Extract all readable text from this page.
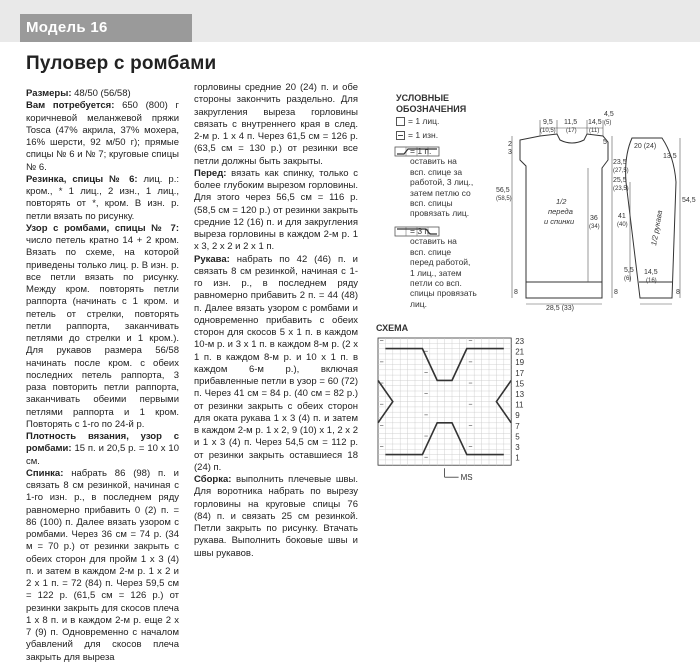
Модель 16
Пуловер с ромбами
Размеры: 48/50 (56/58)
Вам потребуется: 650 (800) г коричневой меланжевой пряжи Tosca (47% акрила, 37% мохера, 16% шерсти, 92 м/50 г); прямые спицы № 6 и № 7; круговые спицы № 6.
Резинка, спицы № 6: лиц. р.: кром., * 1 лиц., 2 изн., 1 лиц., повторять от *, кром. В изн. р. петли вязать по рисунку.
Узор с ромбами, спицы № 7: число петель кратно 14 + 2 кром. Вязать по схеме, на которой приведены только лиц. р. В изн. р. все петли вязать по рисунку. Между кром. повторять петли раппорта (начинать с 1 кром. и петель от стрелки, повторять петли раппорта, заканчивать петлями до стрелки и 1 кром.). Для рукавов размера 56/58 начинать после кром. с обеих последних петель раппорта, 3 раза повторить петли раппорта, заканчивать обеими первыми петлями раппорта и 1 кром. Повторять с 1-го по 24-й р.
Плотность вязания, узор с ромбами: 15 п. и 20,5 р. = 10 х 10 см.
Спинка: набрать 86 (98) п. и связать 8 см резинкой, начиная с 1-го изн. р., в последнем ряду равномерно прибавить 0 (2) п. = 86 (100) п. Далее вязать узором с ромбами. Через 36 см = 74 р. (34 м = 70 р.) от резинки закрыть с обеих сторон для пройм 1 х 3 (4) п. и затем в каждом 2-м р. 1 х 2 и 2 х 1 п. = 72 (84) п. Через 59,5 см = 122 р. (61,5 см = 126 р.) от резинки закрыть для скосов плеча 1 х 8 п. и в каждом 2-м р. еще 2 х 7 (9) п. Одновременно с началом убавлений для скосов плеча закрыть для выреза
горловины средние 20 (24) п. и обе стороны закончить раздельно. Для закругления выреза горловины связать с внутреннего края в след. 2-м р. 1 х 4 п. Через 61,5 см = 126 р. (63,5 см = 130 р.) от резинки все петли должны быть закрыты.
Перед: вязать как спинку, только с более глубоким вырезом горловины. Для этого через 56,5 см = 116 р. (58,5 см = 120 р.) от резинки закрыть средние 12 (16) п. и для закругления выреза горловины в каждом 2-м р. 1 х 3, 2 х 2 и 2 х 1 п.
Рукава: набрать по 42 (46) п. и связать 8 см резинкой, начиная с 1-го изн. р., в последнем ряду равномерно прибавить 2 п. = 44 (48) п. Далее вязать узором с ромбами и одновременно прибавить с обеих сторон для скосов 5 х 1 п. в каждом 10-м р. и 3 х 1 п. в каждом 8-м р. (2 х 1 п. в каждом 8-м р. и 10 х 1 п. в каждом 6-м р.), включая прибавленные петли в узор = 60 (72) п. Через 41 см = 84 р. (40 см = 82 р.) от резинки закрыть с обеих сторон для оката рукава 1 х 3 (4) п. и затем в каждом 2-м р. 1 х 2, 9 (10) х 1, 2 х 2 и 1 х 3 (4) п. Через 54,5 см = 112 р. от резинки закрыть оставшиеся 18 (24) п.
Сборка: выполнить плечевые швы. Для воротника набрать по вырезу горловины на круговые спицы 76 (84) п. и связать 25 см резинкой. Петли закрыть по рисунку. Втачать рукава. Выполнить боковые швы и швы рукавов.
УСЛОВНЫЕ
ОБОЗНАЧЕНИЯ
= 1 лиц.
= 1 изн.
= 1 п.
оставить на
всп. спице за
работой, 3 лиц.,
затем петлю со
всп. спицы
провязать лиц.
= 3 п.
оставить на
всп. спице
перед работой,
1 лиц., затем
петли со всп.
спицы провязать
лиц.
9,5
(10,5)
11,5
(17)
14,5
(11)
4,5
(5)
5
2
3
56,5
(58,5)
23,5
(27,5)
25,5
(23,5)
36
(34)
8	8
28,5 (33)
20 (24)
13,5
41
(40)
54,5
8
5,5
(6)
14,5
(16)
1/2
переда
и спинки	1/2 рукава
СХЕМА
23
21
19
17
15
13
11
9
7
5
3
1
MS
